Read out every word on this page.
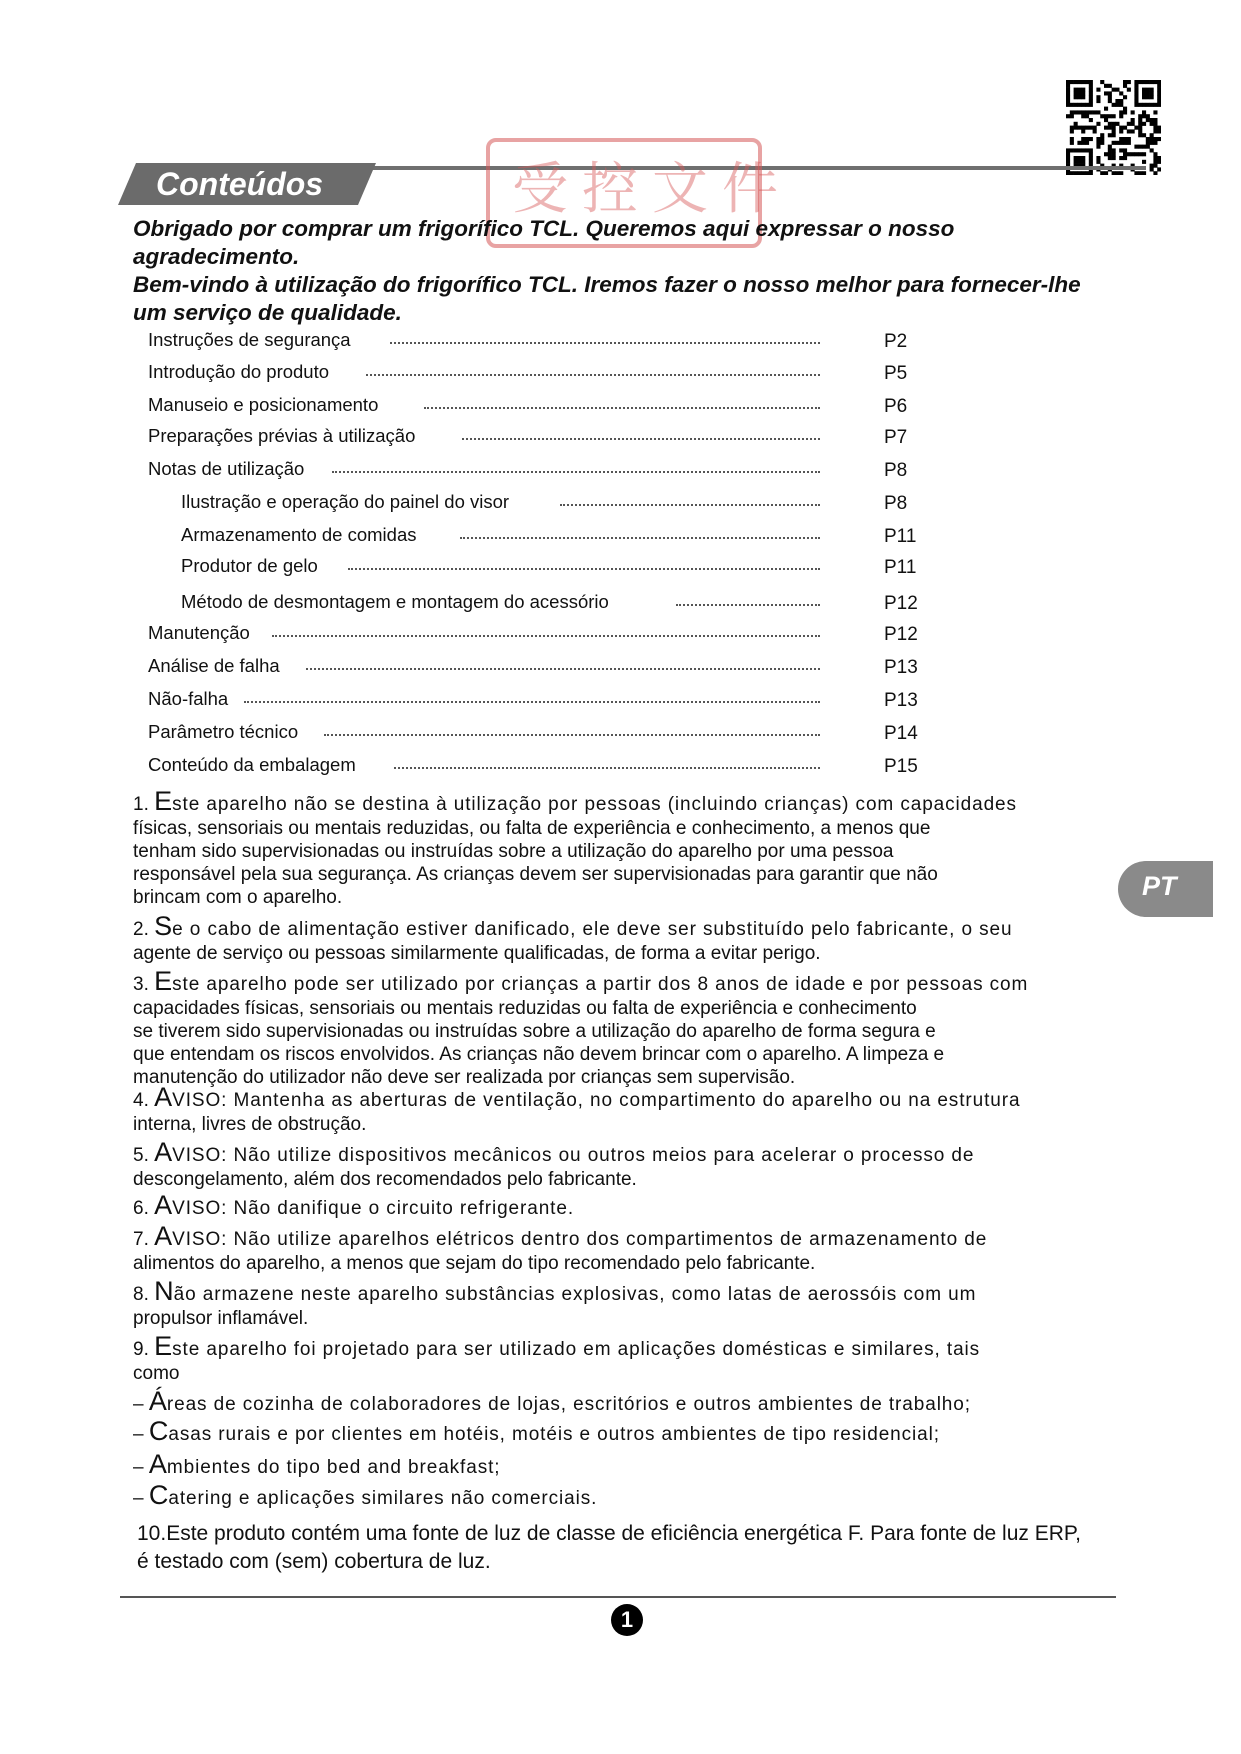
Conteúdos	受控文件

Obrigado por comprar um frigorífico TCL. Queremos aqui expressar o nosso agradecimento.

Bem-vindo à utilização do frigorífico TCL. Iremos fazer o nosso melhor para fornecer-lhe um serviço de qualidade.

Instruções de segurança	P2
Introdução do produto	P5
Manuseio e posicionamento	P6
Preparações prévias à utilização	P7
Notas de utilização	P8
Ilustração e operação do painel do visor	P8
Armazenamento de comidas	P11
Produtor de gelo	P11
Método de desmontagem e montagem do acessório	P12
Manutenção	P12
Análise de falha	P13
Não-falha	P13
Parâmetro técnico	P14
Conteúdo da embalagem	P15
1. Este aparelho não se destina à utilização por pessoas (incluindo crianças) com capacidades
físicas, sensoriais ou mentais reduzidas, ou falta de experiência e conhecimento, a menos que
tenham sido supervisionadas ou instruídas sobre a utilização do aparelho por uma pessoa
responsável pela sua segurança. As crianças devem ser supervisionadas para garantir que não
brincam com o aparelho.
2. Se o cabo de alimentação estiver danificado, ele deve ser substituído pelo fabricante, o seu
agente de serviço ou pessoas similarmente qualificadas, de forma a evitar perigo.
3. Este aparelho pode ser utilizado por crianças a partir dos 8 anos de idade e por pessoas com
capacidades físicas, sensoriais ou mentais reduzidas ou falta de experiência e conhecimento
se tiverem sido supervisionadas ou instruídas sobre a utilização do aparelho de forma segura e
que entendam os riscos envolvidos. As crianças não devem brincar com o aparelho. A limpeza e
manutenção do utilizador não deve ser realizada por crianças sem supervisão.
4. AVISO: Mantenha as aberturas de ventilação, no compartimento do aparelho ou na estrutura
interna, livres de obstrução.
5. AVISO: Não utilize dispositivos mecânicos ou outros meios para acelerar o processo de
descongelamento, além dos recomendados pelo fabricante.
6. AVISO: Não danifique o circuito refrigerante.
7. AVISO: Não utilize aparelhos elétricos dentro dos compartimentos de armazenamento de
alimentos do aparelho, a menos que sejam do tipo recomendado pelo fabricante.
8. Não armazene neste aparelho substâncias explosivas, como latas de aerossóis com um
propulsor inflamável.
9. Este aparelho foi projetado para ser utilizado em aplicações domésticas e similares, tais
como
– Áreas de cozinha de colaboradores de lojas, escritórios e outros ambientes de trabalho;
– Casas rurais e por clientes em hotéis, motéis e outros ambientes de tipo residencial;
– Ambientes do tipo bed and breakfast;
– Catering e aplicações similares não comerciais.
10.Este produto contém uma fonte de luz de classe de eficiência energética F. Para fonte de luz ERP,
é testado com (sem) cobertura de luz.
PT
1
